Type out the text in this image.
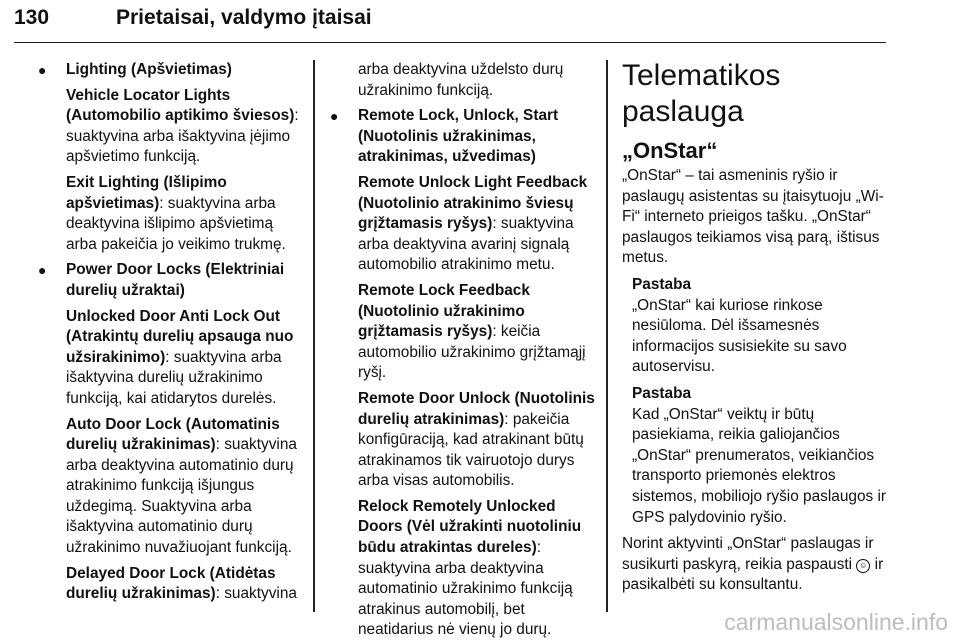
130	Prietaisai, valdymo įtaisai
● Lighting (Apšvietimas)
Vehicle Locator Lights (Automobilio aptikimo šviesos): suaktyvina arba išaktyvina įėjimo apšvietimo funkciją.
Exit Lighting (Išlipimo apšvietimas): suaktyvina arba deaktyvina išlipimo apšvietimą arba pakeičia jo veikimo trukmę.
● Power Door Locks (Elektriniai durelių užraktai)
Unlocked Door Anti Lock Out (Atrakintų durelių apsauga nuo užsirakinimo): suaktyvina arba išaktyvina durelių užrakinimo funkciją, kai atidarytos durelės.
Auto Door Lock (Automatinis durelių užrakinimas): suaktyvina arba deaktyvina automatinio durų atrakinimo funkciją išjungus uždegimą. Suaktyvina arba išaktyvina automatinio durų užrakinimo nuvažiuojant funkciją.
Delayed Door Lock (Atidėtas durelių užrakinimas): suaktyvina
arba deaktyvina uždelsto durų užrakinimo funkciją.
● Remote Lock, Unlock, Start (Nuotolinis užrakinimas, atrakinimas, užvedimas)
Remote Unlock Light Feedback (Nuotolinio atrakinimo šviesų grįžtamasis ryšys): suaktyvina arba deaktyvina avarinį signalą automobilio atrakinimo metu.
Remote Lock Feedback (Nuotolinio užrakinimo grįžtamasis ryšys): keičia automobilio užrakinimo grįžtamąjį ryšį.
Remote Door Unlock (Nuotolinis durelių atrakinimas): pakeičia konfigūraciją, kad atrakinant būtų atrakinamos tik vairuotojo durys arba visas automobilis.
Relock Remotely Unlocked Doors (Vėl užrakinti nuotoliniu būdu atrakintas dureles): suaktyvina arba deaktyvina automatinio užrakinimo funkciją atrakinus automobilį, bet neatidarius nė vienų jo durų.
Telematikos paslauga
„OnStar“
„OnStar“ – tai asmeninis ryšio ir paslaugų asistentas su įtaisytuoju „Wi-Fi“ interneto prieigos tašku. „OnStar“ paslaugos teikiamos visą parą, ištisus metus.
Pastaba
„OnStar“ kai kuriose rinkose nesiūloma. Dėl išsamesnės informacijos susisiekite su savo autoservisu.
Pastaba
Kad „OnStar“ veiktų ir būtų pasiekiama, reikia galiojančios „OnStar“ prenumeratos, veikiančios transporto priemonės elektros sistemos, mobiliojo ryšio paslaugos ir GPS palydovinio ryšio.
Norint aktyvinti „OnStar“ paslaugas ir susikurti paskyrą, reikia paspausti ☺ ir pasikalbėti su konsultantu.
carmanualsonline.info
